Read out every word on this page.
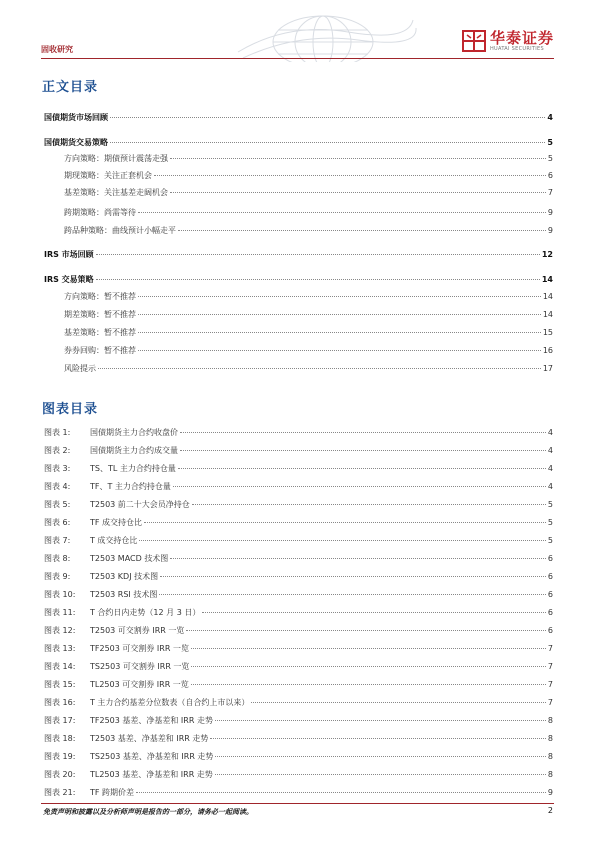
固收研究
华泰证券
HUATAI SECURITIES
正文目录
国债期货市场回顾	4
国债期货交易策略	5
方向策略：期债预计震荡走强	5
期现策略：关注正套机会	6
基差策略：关注基差走阔机会	7
跨期策略：尚需等待	9
跨品种策略：曲线预计小幅走平	9
IRS 市场回顾	12
IRS 交易策略	14
方向策略：暂不推荐	14
期差策略：暂不推荐	14
基差策略：暂不推荐	15
券券回购：暂不推荐	16
风险提示	17
图表目录
图表 1: 国债期货主力合约收盘价	4
图表 2: 国债期货主力合约成交量	4
图表 3: TS、TL 主力合约持仓量	4
图表 4: TF、T 主力合约持仓量	4
图表 5: T2503 前二十大会员净持仓	5
图表 6: TF 成交持仓比	5
图表 7: T 成交持仓比	5
图表 8: T2503 MACD 技术图	6
图表 9: T2503 KDJ 技术图	6
图表 10: T2503 RSI 技术图	6
图表 11: T 合约日内走势（12 月 3 日）	6
图表 12: T2503 可交割券 IRR 一览	6
图表 13: TF2503 可交割券 IRR 一览	7
图表 14: TS2503 可交割券 IRR 一览	7
图表 15: TL2503 可交割券 IRR 一览	7
图表 16: T 主力合约基差分位数表（自合约上市以来）	7
图表 17: TF2503 基差、净基差和 IRR 走势	8
图表 18: T2503 基差、净基差和 IRR 走势	8
图表 19: TS2503 基差、净基差和 IRR 走势	8
图表 20: TL2503 基差、净基差和 IRR 走势	8
图表 21: TF 跨期价差	9
免责声明和披露以及分析师声明是报告的一部分，请务必一起阅读。	2
